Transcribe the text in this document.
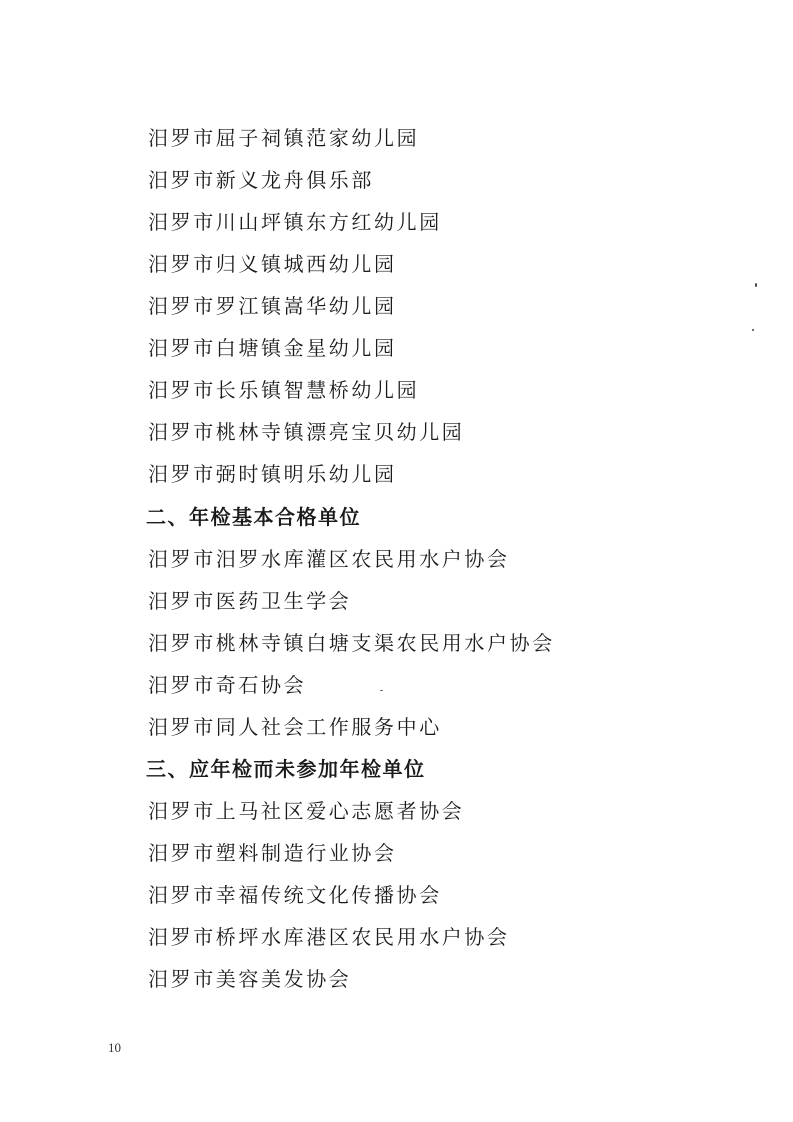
汨罗市屈子祠镇范家幼儿园
汨罗市新义龙舟俱乐部
汨罗市川山坪镇东方红幼儿园
汨罗市归义镇城西幼儿园
汨罗市罗江镇嵩华幼儿园
汨罗市白塘镇金星幼儿园
汨罗市长乐镇智慧桥幼儿园
汨罗市桃林寺镇漂亮宝贝幼儿园
汨罗市弼时镇明乐幼儿园
二、年检基本合格单位
汨罗市汨罗水库灌区农民用水户协会
汨罗市医药卫生学会
汨罗市桃林寺镇白塘支渠农民用水户协会
汨罗市奇石协会
汨罗市同人社会工作服务中心
三、应年检而未参加年检单位
汨罗市上马社区爱心志愿者协会
汨罗市塑料制造行业协会
汨罗市幸福传统文化传播协会
汨罗市桥坪水库港区农民用水户协会
汨罗市美容美发协会
10
